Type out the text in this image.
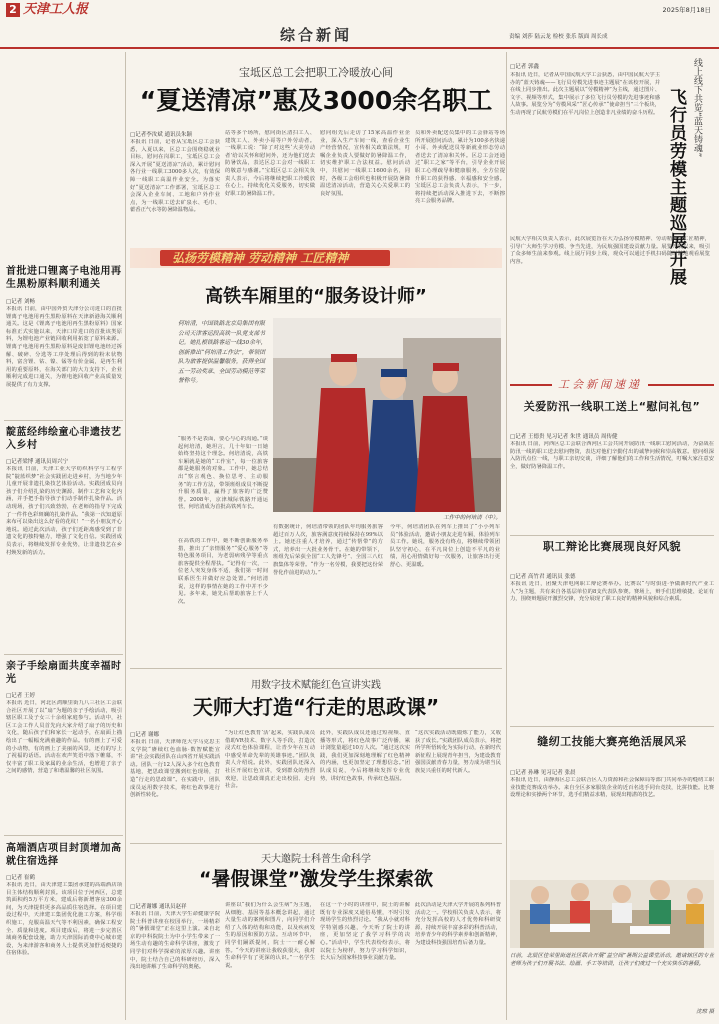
2 天津工人报	2025年8月18日
综合新闻	责编 刘莎 陆云龙 检校 张乐 版面 周长成
首批进口锂离子电池用再生黑粉原料顺利通关
□记者 刘畅
本报讯 日前，由中国外贸天津分公司进口的首批锂离子电池用再生黑粉原料在天津新港海关顺利通关。这是《锂离子电池用再生黑粉原料》国家标准正式实施以来，天津口岸进口的首批该类原料，为锂电池产业链回收利用拓宽了原料来源。锂离子电池用再生黑粉原料是废旧锂电池经过拆解、破碎、分选等工序处理后得到的粉末状物料，富含锂、钴、镍、锰等有价金属，是再生利用的重要原料，在海关部门的大力支持下，企业顺利完成进口通关，为锂电池回收产业高质量发展提供了有力支撑。
靛蓝经纬绘童心非遗技艺入乡村
□记者梁博 通讯员周兴宁
本报讯 日前，天津工业大学纺织科学与工程学院“靛蓝织梦”社会实践团走进乡村，为当地少年儿童开展非遗扎染技艺体验活动。实践团成员向孩子们介绍扎染的历史渊源、制作工艺和文化内涵，并手把手指导孩子们动手制作扎染作品。活动现场，孩子们兴致勃勃，在老师的指导下完成了一件件色彩斑斓的扎染作品。“我第一次知道原来布可以染出这么好看的花纹！”一名小朋友开心地说。通过此次活动，孩子们近距离感受到了非遗文化的独特魅力，增强了文化自信。实践团成员表示，将继续发挥专业优势，让非遗技艺在乡村焕发新的活力。
亲子手绘扇面共度幸福时光
□记者 王婷
本报讯 近日，河北区鸿顺里街九八三社区工会联合社区开展了以“扇”为题的亲子手绘活动，吸引辖区职工及子女三十余组家庭参与。活动中，社区工会工作人员首先向大家介绍了扇子的历史和文化，随后孩子们和家长一起动手，在扇面上描绘出了一幅幅充满童趣的作品。有的画上了可爱的小动物，有的画上了美丽的风景，还有的写上了祝福的话语。活动在欢声笑语中落下帷幕，不仅丰富了职工及家属的业余生活，也增进了亲子之间的感情，营造了和谐温馨的社区氛围。
高端酒店项目封顶增加高就住宿选择
□记者 崔鹤
本报讯 近日，由天津建工集团承建的高端酒店项目主体结构顺利封顶。该项目位于河西区，总建筑面积约5万平方米，建成后将新增客房300余间，为天津提供更多高品质住宿选择。在项目建设过程中，天津建工集团优化施工方案，科学组织施工，克服高温天气等不利因素，确保工程安全、质量和进度。项目建成后，将进一步完善区域商务配套设施，助力天津国际消费中心城市建设，为来津游客和商务人士提供更加舒适便捷的住宿体验。
宝坻区总工会把职工冷暖放心间
“夏送清凉”惠及3000余名职工
□记者李汝斌 通讯员朱颖
本报讯 日前，记者从宝坻区总工会获悉，入夏以来，区总工会围绕稳就业目标，慰问在岗职工，宝坻区总工会深入开展“夏送清凉”活动，累计慰问各行业一线职工3000多人次，有效保障一线职工高温作业安全。为落实好“夏送清凉”工作部署，宝坻区总工会深入企业车间、工地和户外作业点，为一线职工送去矿泉水、毛巾、藿香正气水等防暑降温物品。
站等多个场所，慰问街区清扫工人、建筑工人、外卖小哥等户外劳动者。一线职工说：“除了对这些‘大美劳动者’给以关怀和慰问外，还为他们送去防暑饮品，表达区总工会对一线职工的敬意与感谢。”宝坻区总工会相关负责人表示，今后将继续把职工冷暖放在心上，持续优化关爱服务，切实做好职工防暑降温工作。
慰问组先后走访了15家高温作业企业，深入生产车间一线，查看企业生产经营情况，宣传相关政策法规，叮嘱企业负责人要做好防暑降温工作，切实维护职工合法权益。慰问活动中，共慰问一线职工1600余名，同时，各级工会组织也积极开展防暑降温送清凉活动，营造关心关爱职工的良好氛围。
员和外卖配送员集中的工会驿站等场所开展慰问活动，累计为100多名快递小哥、外卖配送员等新就业形态劳动者送去了清凉和关怀。区总工会还通过“职工之家”等平台，引导企业开展职工心理疏导和健康服务，全方位提升职工的获得感、幸福感和安全感。宝坻区总工会负责人表示，下一步，将持续把活动深入推进下去，不断擦亮工会服务品牌。
弘扬劳模精神 劳动精神 工匠精神
高铁车厢里的“服务设计师”
何培清，中国铁路北京局集团有限公司天津客运段高铁一队党支部书记。她扎根铁路客运一线30余年，创新推出“何培清工作法”，带领团队为旅客提供温馨服务，获得全国五一劳动奖章、全国劳动模范等荣誉称号。
工作中的何培清（中）。
“服务不是表面，要心与心的沟通。”谈起何培清，她坦言，几十年如一日她始终坚持这个理念。何培清说，高铁车厢就是她的“工作室”，每一位旅客都是她服务的对象。工作中，她总结出“察言观色、换位思考、主动服务”的工作方法，带领班组成员不断提升服务质量，赢得了旅客的广泛赞誉。2008年，京津城际铁路开通运营，何培清成为首批高铁列车长。
在高铁的工作中，她不断创新服务举措，推出了“亲情服务”“爱心服务”等特色服务项目，为老弱病残孕等重点旅客提供全程帮扶。“记得有一次，一位老人突发身体不适，我们第一时间联系医生并做好应急处置。”何培清说，这样的事情在她的工作中并不少见。多年来，她先后帮助旅客上千人次。
有数据统计，何培清带领的团队年均服务旅客超过百万人次，旅客满意度持续保持在99%以上。她还注重人才培养，通过“传帮带”的方式，培养出一大批业务骨干。在她的带领下，班组先后荣获全国“工人先锋号”、全国三八红旗集体等荣誉。“作为一名劳模，我要把这份荣誉化作前进的动力。”
今年，何培清团队在列车上推出了“小小列车员”体验活动，邀请小朋友走进车厢，体验列车员工作。她说，服务没有终点，将继续带领团队坚守初心，在平凡岗位上创造不平凡的业绩，用心用情做好每一次服务，让旅客出行更舒心、更温暖。
用数字技术赋能红色宣讲实践
天师大打造“行走的思政课”
□记者 谢娜
本报讯 日前，天津师范大学马克思主义学院“赓续红色血脉·数智赋能宣讲”社会实践团队在山西省开展实践活动。团队一行12人深入多个红色教育基地，把思政课堂搬到红色现场，打造“行走的思政课”。在实践中，团队成员运用数字技术，将红色故事进行创新性转化。
“为让红色教育‘活’起来，实践队成员借助VR技术、数字人等手段，打造沉浸式红色体验课程，让青少年在互动中感受革命先辈的英雄事迹。”团队负责人介绍说。此外，实践团队还深入社区开展红色宣讲，受到群众的热烈欢迎，让思政课真正走出校园、走向社会。
此外，实践队成员还通过短视频、直播等形式，将红色故事广泛传播，累计浏览量超过10万人次。“通过这次实践，我们更加深刻地理解了红色精神的内涵，也更加坚定了理想信念。”团队成员说，今后将继续发挥专业优势，讲好红色故事，传承红色基因。
“这次实践活动既锻炼了能力，又收获了成长。”实践团队成员表示，将把所学所悟转化为实际行动，在新时代新征程上展现青年担当，为建设教育强国贡献青春力量，努力成为堪当民族复兴重任的时代新人。
天大邀院士科普生命科学
“暑假课堂”激发学生探索欲
□记者谢娜 通讯员赵祥
本报讯 日前，天津大学生命健康学院院士科普讲座在校园举行，一场精彩的“暑假课堂”正在这里上演。来自北京的中科院院士为中小学生带来了一场生动有趣的生命科学讲座，激发了同学们对科学探索的浓厚兴趣。讲座中，院士结合自己的科研经历，深入浅出地讲解了生命科学的奥秘。
讲座以“我们为什么会生病”为主题，从细胞、基因等基本概念讲起，通过大量生动的案例和图片，向同学们介绍了人体的结构和功能，以及疾病发生的原因和预防方法。互动环节中，同学们踊跃提问，院士一一耐心解答。“今天的讲座让我收获很大，我对生命科学有了更深的认识。”一名学生说。
在这一个小时的讲座中，院士的讲解既有专业深度又通俗易懂，不时引发现场学生的热烈讨论。“我从小就对科学特别感兴趣，今天听了院士的讲座，更加坚定了我学习科学的决心。”活动中，学生代表纷纷表示，将以院士为榜样，努力学习科学知识，长大后为国家科技事业贡献力量。
此次活动是天津大学开展的系列科普活动之一。学校相关负责人表示，将充分发挥高校的人才优势和科研资源，持续开展丰富多彩的科普活动，培养青少年的科学素养和创新精神，为建设科技强国培育后备力量。
□记者 郭鑫
本报讯 近日，记者从中国民航大学工会获悉，由中国民航大学主办的“蓝天铸魂——飞行员劳模先进事迹主题展”在该校开展，并在线上同步推出。此次主题展以“劳模精神”为主线，通过图片、文字、视频等形式，集中展示了多位飞行员劳模的先进事迹和感人故事。展览分为“劳模风采”“匠心传承”“使命担当”三个板块，生动再现了民航劳模们在平凡岗位上创造非凡业绩的奋斗历程。	线上线下共览“蓝天铸魂”
飞行员劳模主题巡展开展
民航大学相关负责人表示，此次展览旨在大力弘扬劳模精神、劳动精神、工匠精神，引导广大师生学习劳模、争当先进，为民航强国建设贡献力量。展览开展以来，吸引了众多师生前来参观。线上展厅同步上线，观众可以通过手机扫码随时随地观看展览内容。
工会新闻速递
关爱防汛一线职工送上“慰问礼包”
□记者 王德贵 见习记者 朱世 通讯员 周传健
本报讯 日前，河西区总工会联合西河区工会共同开展防汛一线职工慰问活动，为奋战在防汛一线的职工送去慰问物资，表达对他们辛勤付出的诚挚问候和崇高敬意。慰问组深入防汛点位一线，与职工亲切交谈，详细了解他们的工作和生活情况，叮嘱大家注意安全，做好防暑降温工作。
职工辩论比赛展现良好风貌
□记者 高竹君 通讯员 张德
本报讯 近日，团聚天津电网职工辩论赛举办。比赛以“与时俱进·争做新时代产业工人”为主题，共有来自各基层单位的8支代表队参赛。赛场上，辩手们思维敏捷、论证有力，围绕辩题展开激烈交锋，充分展现了职工良好的精神风貌和综合素质。
缝纫工技能大赛亮绝活展风采
□记者 孙琳 见习记者 张晨
本报讯 近日，由静海区总工会联合区人力资源和社会保障局等部门共同举办的缝纫工职业技能竞赛成功举办。来自全区多家服装企业的近百名选手同台竞技，比拼技能。比赛设理论和实操两个环节，选手们精益求精，展现出精湛的技艺。
日前，北辰区佳荣里街道社区联合开展“益空间”暑期公益课堂活动，邀请辖区的专业老师为孩子们开展书法、绘画、手工等培训，让孩子们度过一个充实快乐的暑假。
沈琼 摄
